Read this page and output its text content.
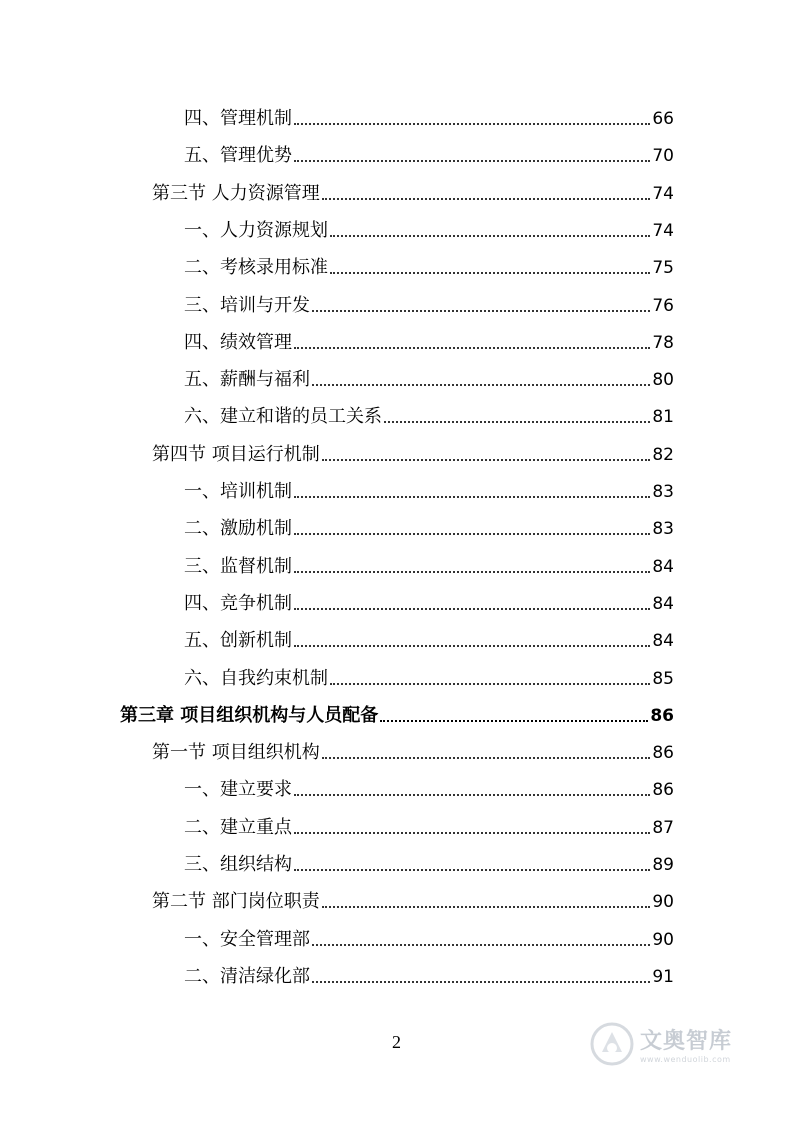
四、管理机制	66
五、管理优势	70
第三节 人力资源管理	74
一、人力资源规划	74
二、考核录用标准	75
三、培训与开发	76
四、绩效管理	78
五、薪酬与福利	80
六、建立和谐的员工关系	81
第四节 项目运行机制	82
一、培训机制	83
二、激励机制	83
三、监督机制	84
四、竞争机制	84
五、创新机制	84
六、自我约束机制	85
第三章 项目组织机构与人员配备	86
第一节 项目组织机构	86
一、建立要求	86
二、建立重点	87
三、组织结构	89
第二节 部门岗位职责	90
一、安全管理部	90
二、清洁绿化部	91
2	文奥智库
www.wenduolib.com
